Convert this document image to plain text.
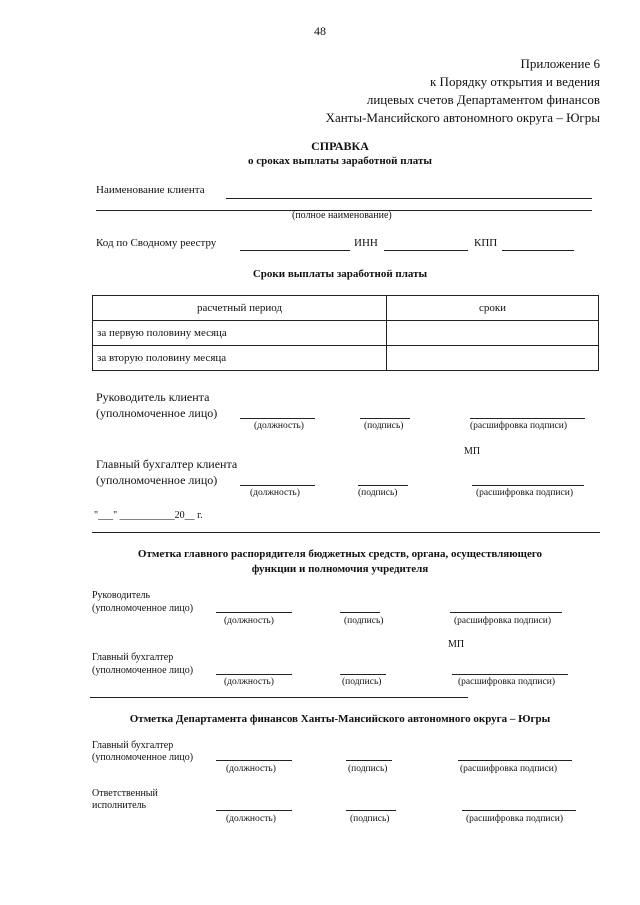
48
Приложение 6
к Порядку открытия и ведения
лицевых счетов Департаментом финансов
Ханты-Мансийского автономного округа – Югры
СПРАВКА
о сроках выплаты заработной платы
Наименование клиента
(полное наименование)
Код по Сводному реестру	ИНН	КПП
Сроки выплаты заработной платы
расчетный период	сроки
за первую половину месяца	
за вторую половину месяца	
Руководитель клиента
(уполномоченное лицо)
(должность)	(подпись)	(расшифровка подписи)
МП
Главный бухгалтер клиента
(уполномоченное лицо)
(должность)	(подпись)	(расшифровка подписи)
"___" ___________20__ г.
Отметка главного распорядителя бюджетных средств, органа, осуществляющего
функции и полномочия учредителя
Руководитель
(уполномоченное лицо)
(должность)	(подпись)	(расшифровка подписи)
МП
Главный бухгалтер
(уполномоченное лицо)
(должность)	(подпись)	(расшифровка подписи)
Отметка Департамента финансов Ханты-Мансийского автономного округа – Югры
Главный бухгалтер
(уполномоченное лицо)
(должность)	(подпись)	(расшифровка подписи)
Ответственный
исполнитель
(должность)	(подпись)	(расшифровка подписи)
